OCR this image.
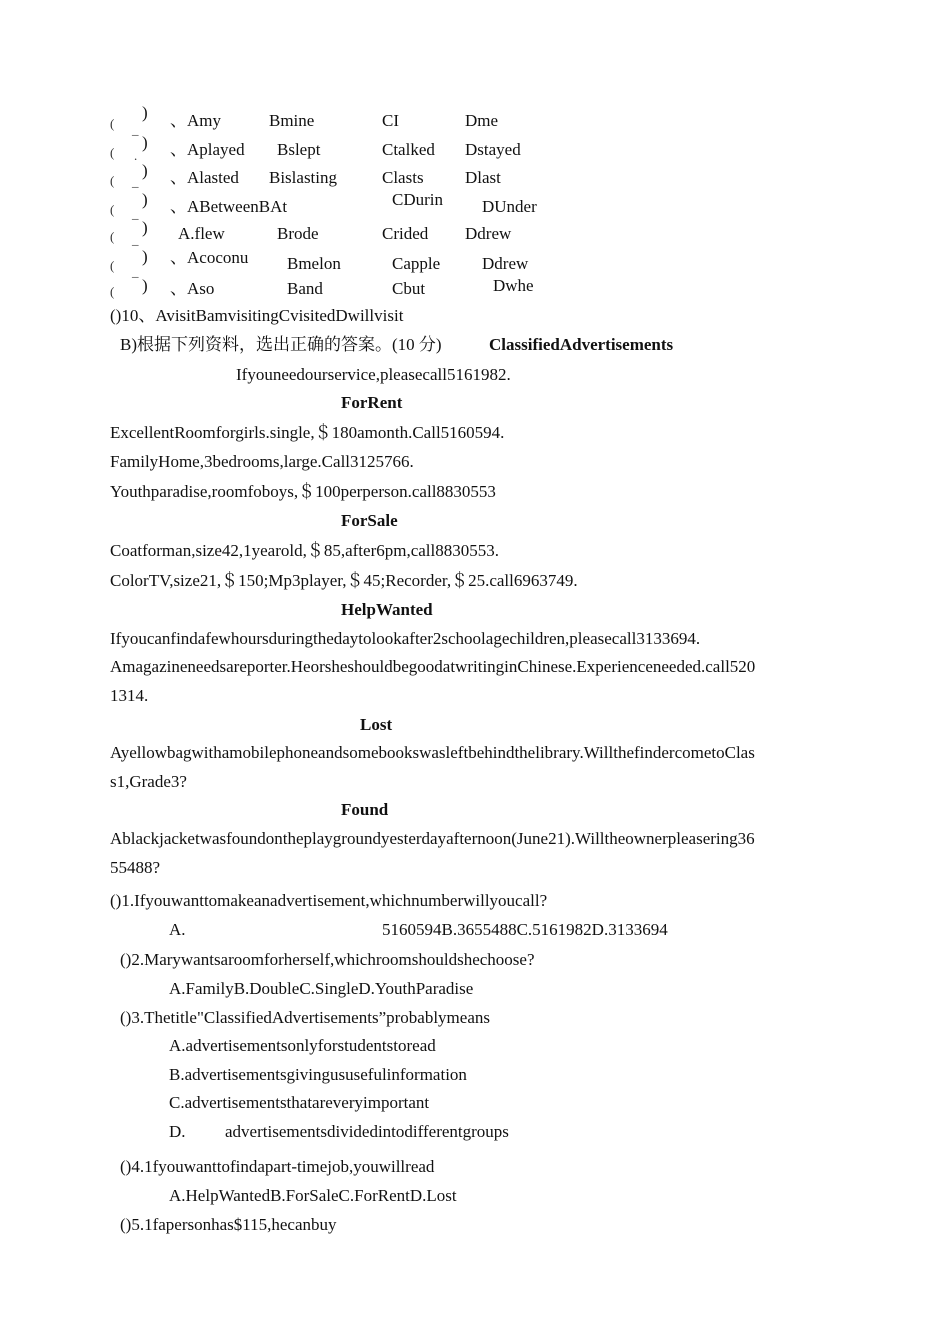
( _
) 、Amy	Bmine	CI	Dme
( .
) 、Aplayed Bslept	Ctalked Dstayed
( _
) 、Alasted Bislasting	Clasts Dlast
( _
) 、ABetweenBAt	CDurin DUnder
( _
) A.flew	Brode	Crided Ddrew
( _
) 、Acoconu Bmelon	Capple Ddrew
( ) 、Aso	Band	Cbut	Dwhe
()10、AvisitBamvisitingCvisitedDwillvisit
B)根据下列资料，选出正确的答案。(10 分)	ClassifiedAdvertisements
Ifyouneedourservice,pleasecall5161982.
ForRent
ExcellentRoomforgirls.single,＄180amonth.Call5160594.
FamilyHome,3bedrooms,large.Call3125766.
Youthparadise,roomfoboys,＄100perperson.call8830553
ForSale
Coatforman,size42,1yearold,＄85,after6pm,call8830553.
ColorTV,size21,＄150;Mp3player,＄45;Recorder,＄25.call6963749.
HelpWanted
Ifyoucanfindafewhoursduringthedaytolookafter2schoolagechildren,pleasecall3133694.
Amagazineneedsareporter.HeorsheshouldbegoodatwritinginChinese.Experienceneeded.call520
1314.
Lost
Ayellowbagwithamobilephoneandsomebookswasleftbehindthelibrary.WillthefindercometoClas
s1,Grade3?
Found
Ablackjacketwasfoundontheplaygroundyesterdayafternoon(June21).Willtheownerpleasering36
55488?
()1.Ifyouwanttomakeanadvertisement,whichnumberwillyoucall?
A.	5160594B.3655488C.5161982D.3133694
()2.Marywantsaroomforherself,whichroomshouldshechoose?
A.FamilyB.DoubleC.SingleD.YouthParadise
()3.Thetitle"ClassifiedAdvertisements”probablymeans
A.advertisementsonlyforstudentstoread
B.advertisementsgivingususefulinformation
C.advertisementsthatareveryimportant
D. advertisementsdividedintodifferentgroups
()4.1fyouwanttofindapart-timejob,youwillread
A.HelpWantedB.ForSaleC.ForRentD.Lost
()5.1fapersonhas$115,hecanbuy
